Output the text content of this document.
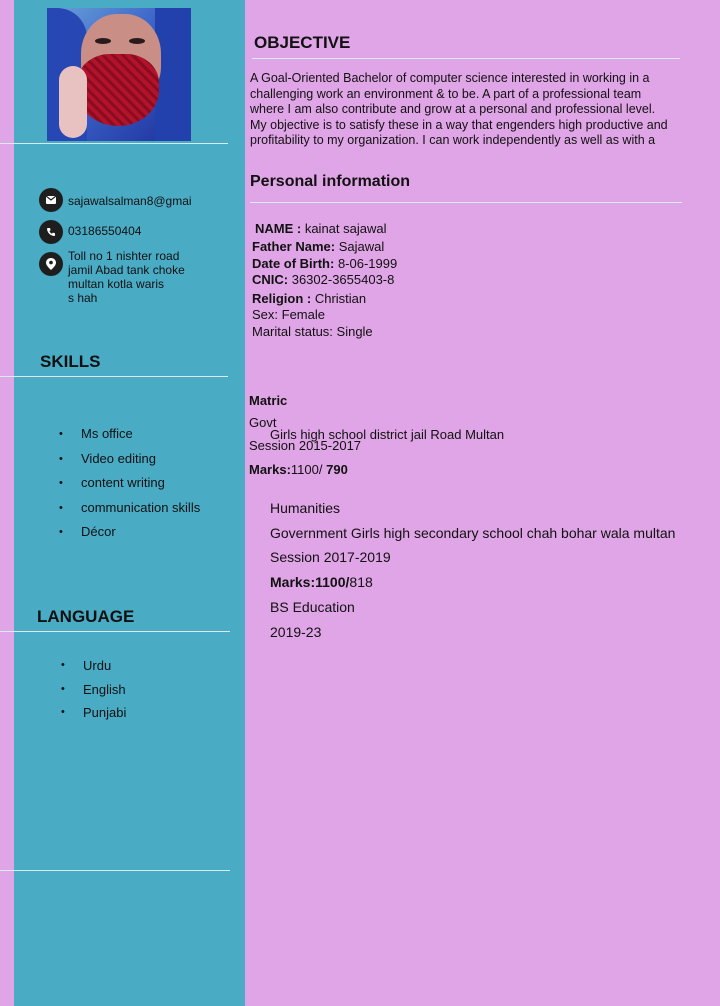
sajawalsalman8@gmai
03186550404
Toll no 1 nishter road
jamil Abad tank choke
multan kotla waris
s hah
SKILLS
• Ms office
• Video editing
• content writing
• communication skills
• Décor
LANGUAGE
• Urdu
• English
• Punjabi
OBJECTIVE
A Goal-Oriented Bachelor of computer science interested in working in a
challenging work an environment & to be. A part of a professional team
where I am also contribute and grow at a personal and professional level.
My objective is to satisfy these in a way that engenders high productive and
profitability to my organization. I can work independently as well as with a
Personal information
NAME : kainat sajawal
Father Name: Sajawal
Date of Birth: 8-06-1999
CNIC: 36302-3655403-8
Religion : Christian
Sex: Female
Marital status: Single
Matric
Govt
Girls high school district jail Road Multan
Session 2015-2017
Marks:1100/ 790
Humanities
Government Girls high secondary school chah bohar wala multan
Session 2017-2019
Marks:1100/818
BS Education
2019-23
